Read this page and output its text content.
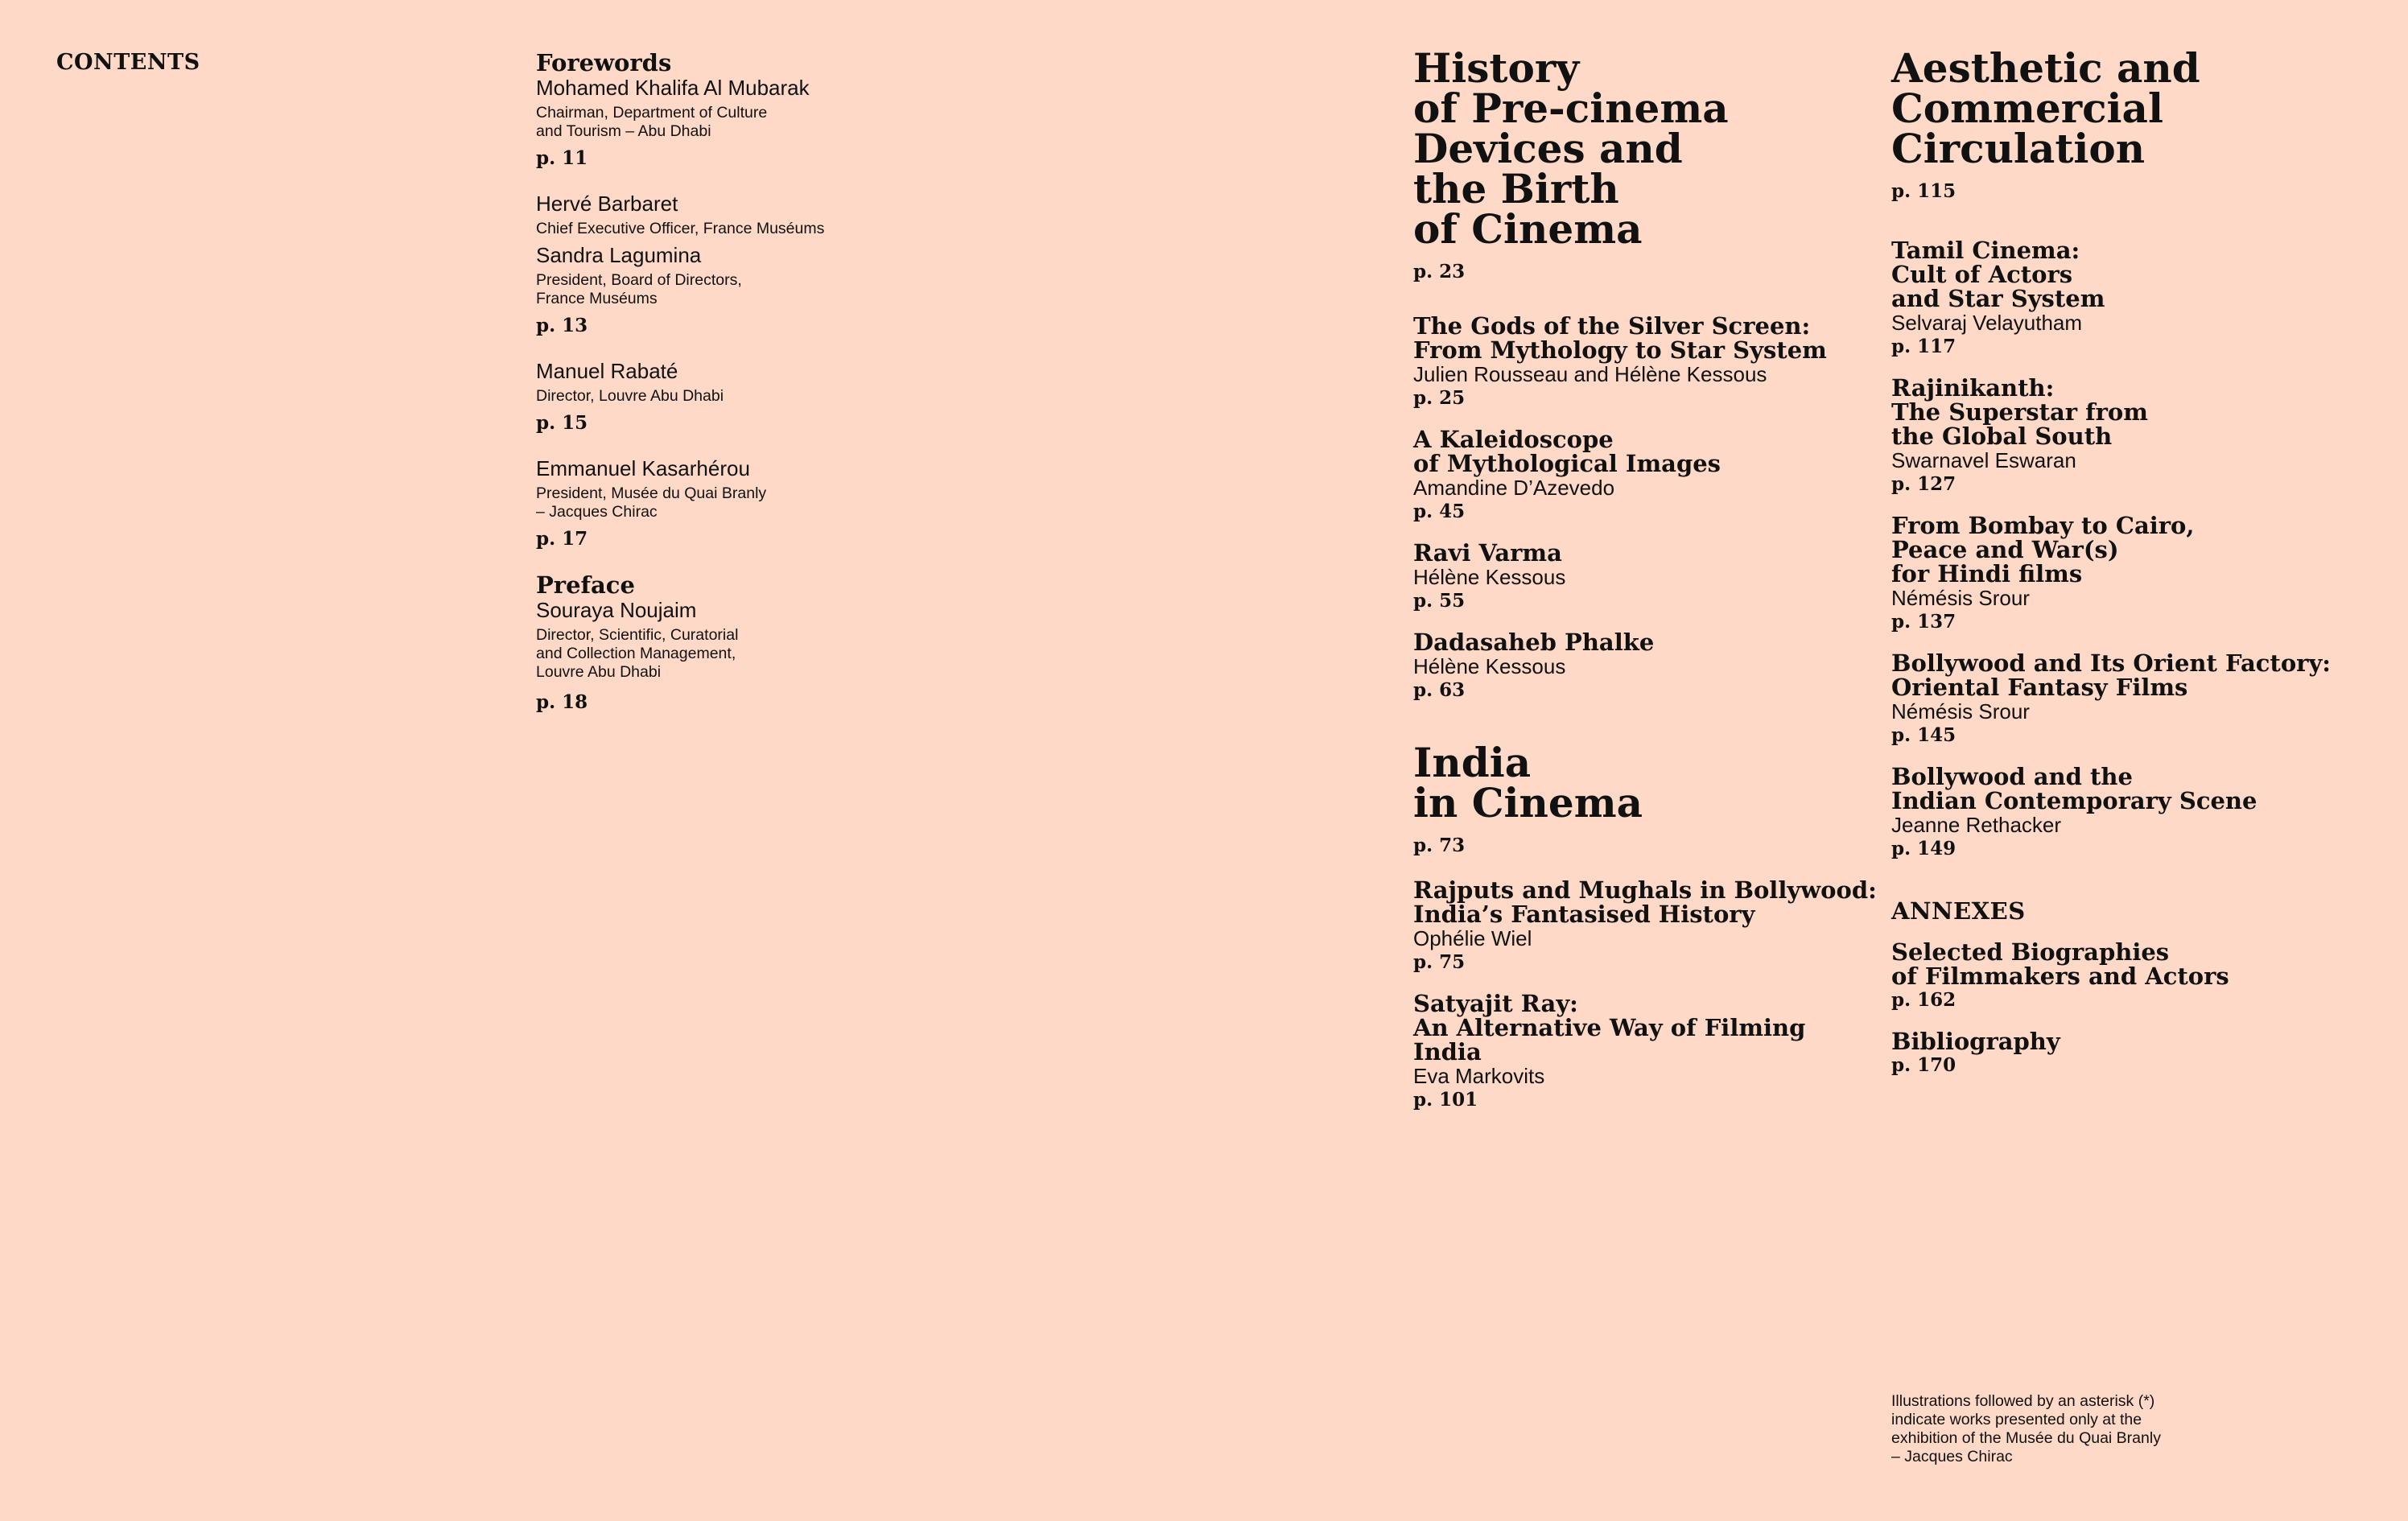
CONTENTS	Forewords
Mohamed Khalifa Al Mubarak
Chairman, Department of Culture
and Tourism – Abu Dhabi
p. 11
Hervé Barbaret
Chief Executive Officer, France Muséums
Sandra Lagumina
President, Board of Directors,
France Muséums
p. 13
Manuel Rabaté
Director, Louvre Abu Dhabi
p. 15
Emmanuel Kasarhérou
President, Musée du Quai Branly
– Jacques Chirac
p. 17
Preface
Souraya Noujaim
Director, Scientific, Curatorial
and Collection Management,
Louvre Abu Dhabi
p. 18
History
of Pre-cinema
Devices and
the Birth
of Cinema
p. 23
The Gods of the Silver Screen:
From Mythology to Star System
Julien Rousseau and Hélène Kessous
p. 25
A Kaleidoscope
of Mythological Images
Amandine D’Azevedo
p. 45
Ravi Varma
Hélène Kessous
p. 55
Dadasaheb Phalke
Hélène Kessous
p. 63
India
in Cinema
p. 73
Rajputs and Mughals in Bollywood:
India’s Fantasised History
Ophélie Wiel
p. 75
Satyajit Ray:
An Alternative Way of Filming India
Eva Markovits
p. 101
Aesthetic and
Commercial
Circulation
p. 115
Tamil Cinema:
Cult of Actors
and Star System
Selvaraj Velayutham
p. 117
Rajinikanth:
The Superstar from
the Global South
Swarnavel Eswaran
p. 127
From Bombay to Cairo,
Peace and War(s)
for Hindi films
Némésis Srour
p. 137
Bollywood and Its Orient Factory:
Oriental Fantasy Films
Némésis Srour
p. 145
Bollywood and the
Indian Contemporary Scene
Jeanne Rethacker
p. 149
ANNEXES
Selected Biographies
of Filmmakers and Actors
p. 162
Bibliography
p. 170
Illustrations followed by an asterisk (*)
indicate works presented only at the
exhibition of the Musée du Quai Branly
– Jacques Chirac
